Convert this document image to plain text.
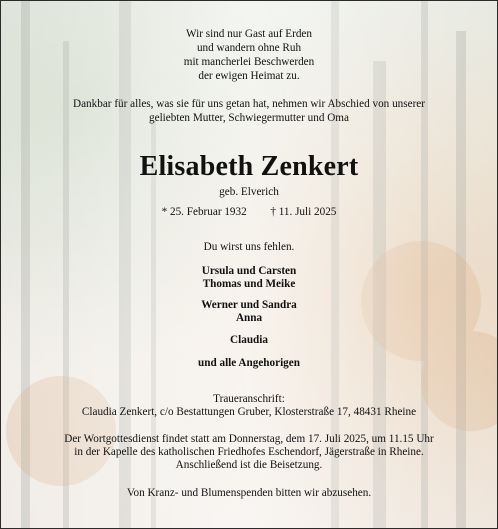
Wir sind nur Gast auf Erden
und wandern ohne Ruh
mit mancherlei Beschwerden
der ewigen Heimat zu.
Dankbar für alles, was sie für uns getan hat, nehmen wir Abschied von unserer
geliebten Mutter, Schwiegermutter und Oma
Elisabeth Zenkert
geb. Elverich
* 25. Februar 1932 † 11. Juli 2025
Du wirst uns fehlen.
Ursula und Carsten
Thomas und Meike
Werner und Sandra
Anna
Claudia
und alle Angehorigen
Traueranschrift:
Claudia Zenkert, c/o Bestattungen Gruber, Klosterstraße 17, 48431 Rheine
Der Wortgottesdienst findet statt am Donnerstag, dem 17. Juli 2025, um 11.15 Uhr
in der Kapelle des katholischen Friedhofes Eschendorf, Jägerstraße in Rheine.
Anschließend ist die Beisetzung.
Von Kranz- und Blumenspenden bitten wir abzusehen.
